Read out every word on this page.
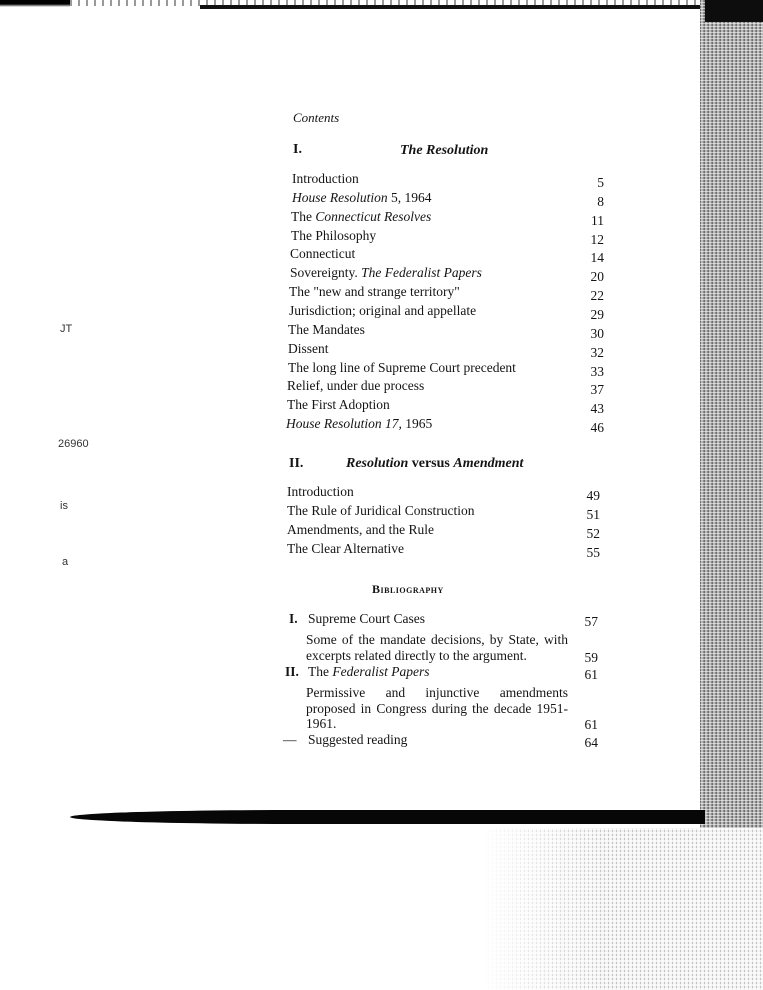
JT
26960
is
a
Contents
I.	The Resolution
Introduction	5
House Resolution 5, 1964	8
The Connecticut Resolves	11
The Philosophy	12
Connecticut	14
Sovereignty. The Federalist Papers	20
The "new and strange territory"	22
Jurisdiction; original and appellate	29
The Mandates	30
Dissent	32
The long line of Supreme Court precedent	33
Relief, under due process	37
The First Adoption	43
House Resolution 17, 1965	46
II.	Resolution versus Amendment
Introduction	49
The Rule of Juridical Construction	51
Amendments, and the Rule	52
The Clear Alternative	55
Bibliography
I. Supreme Court Cases	57
Some of the mandate decisions, by State, with excerpts related directly to the argument.	59
II. The Federalist Papers	61
Permissive and injunctive amendments proposed in Congress during the decade 1951-1961.	61
— Suggested reading	64
